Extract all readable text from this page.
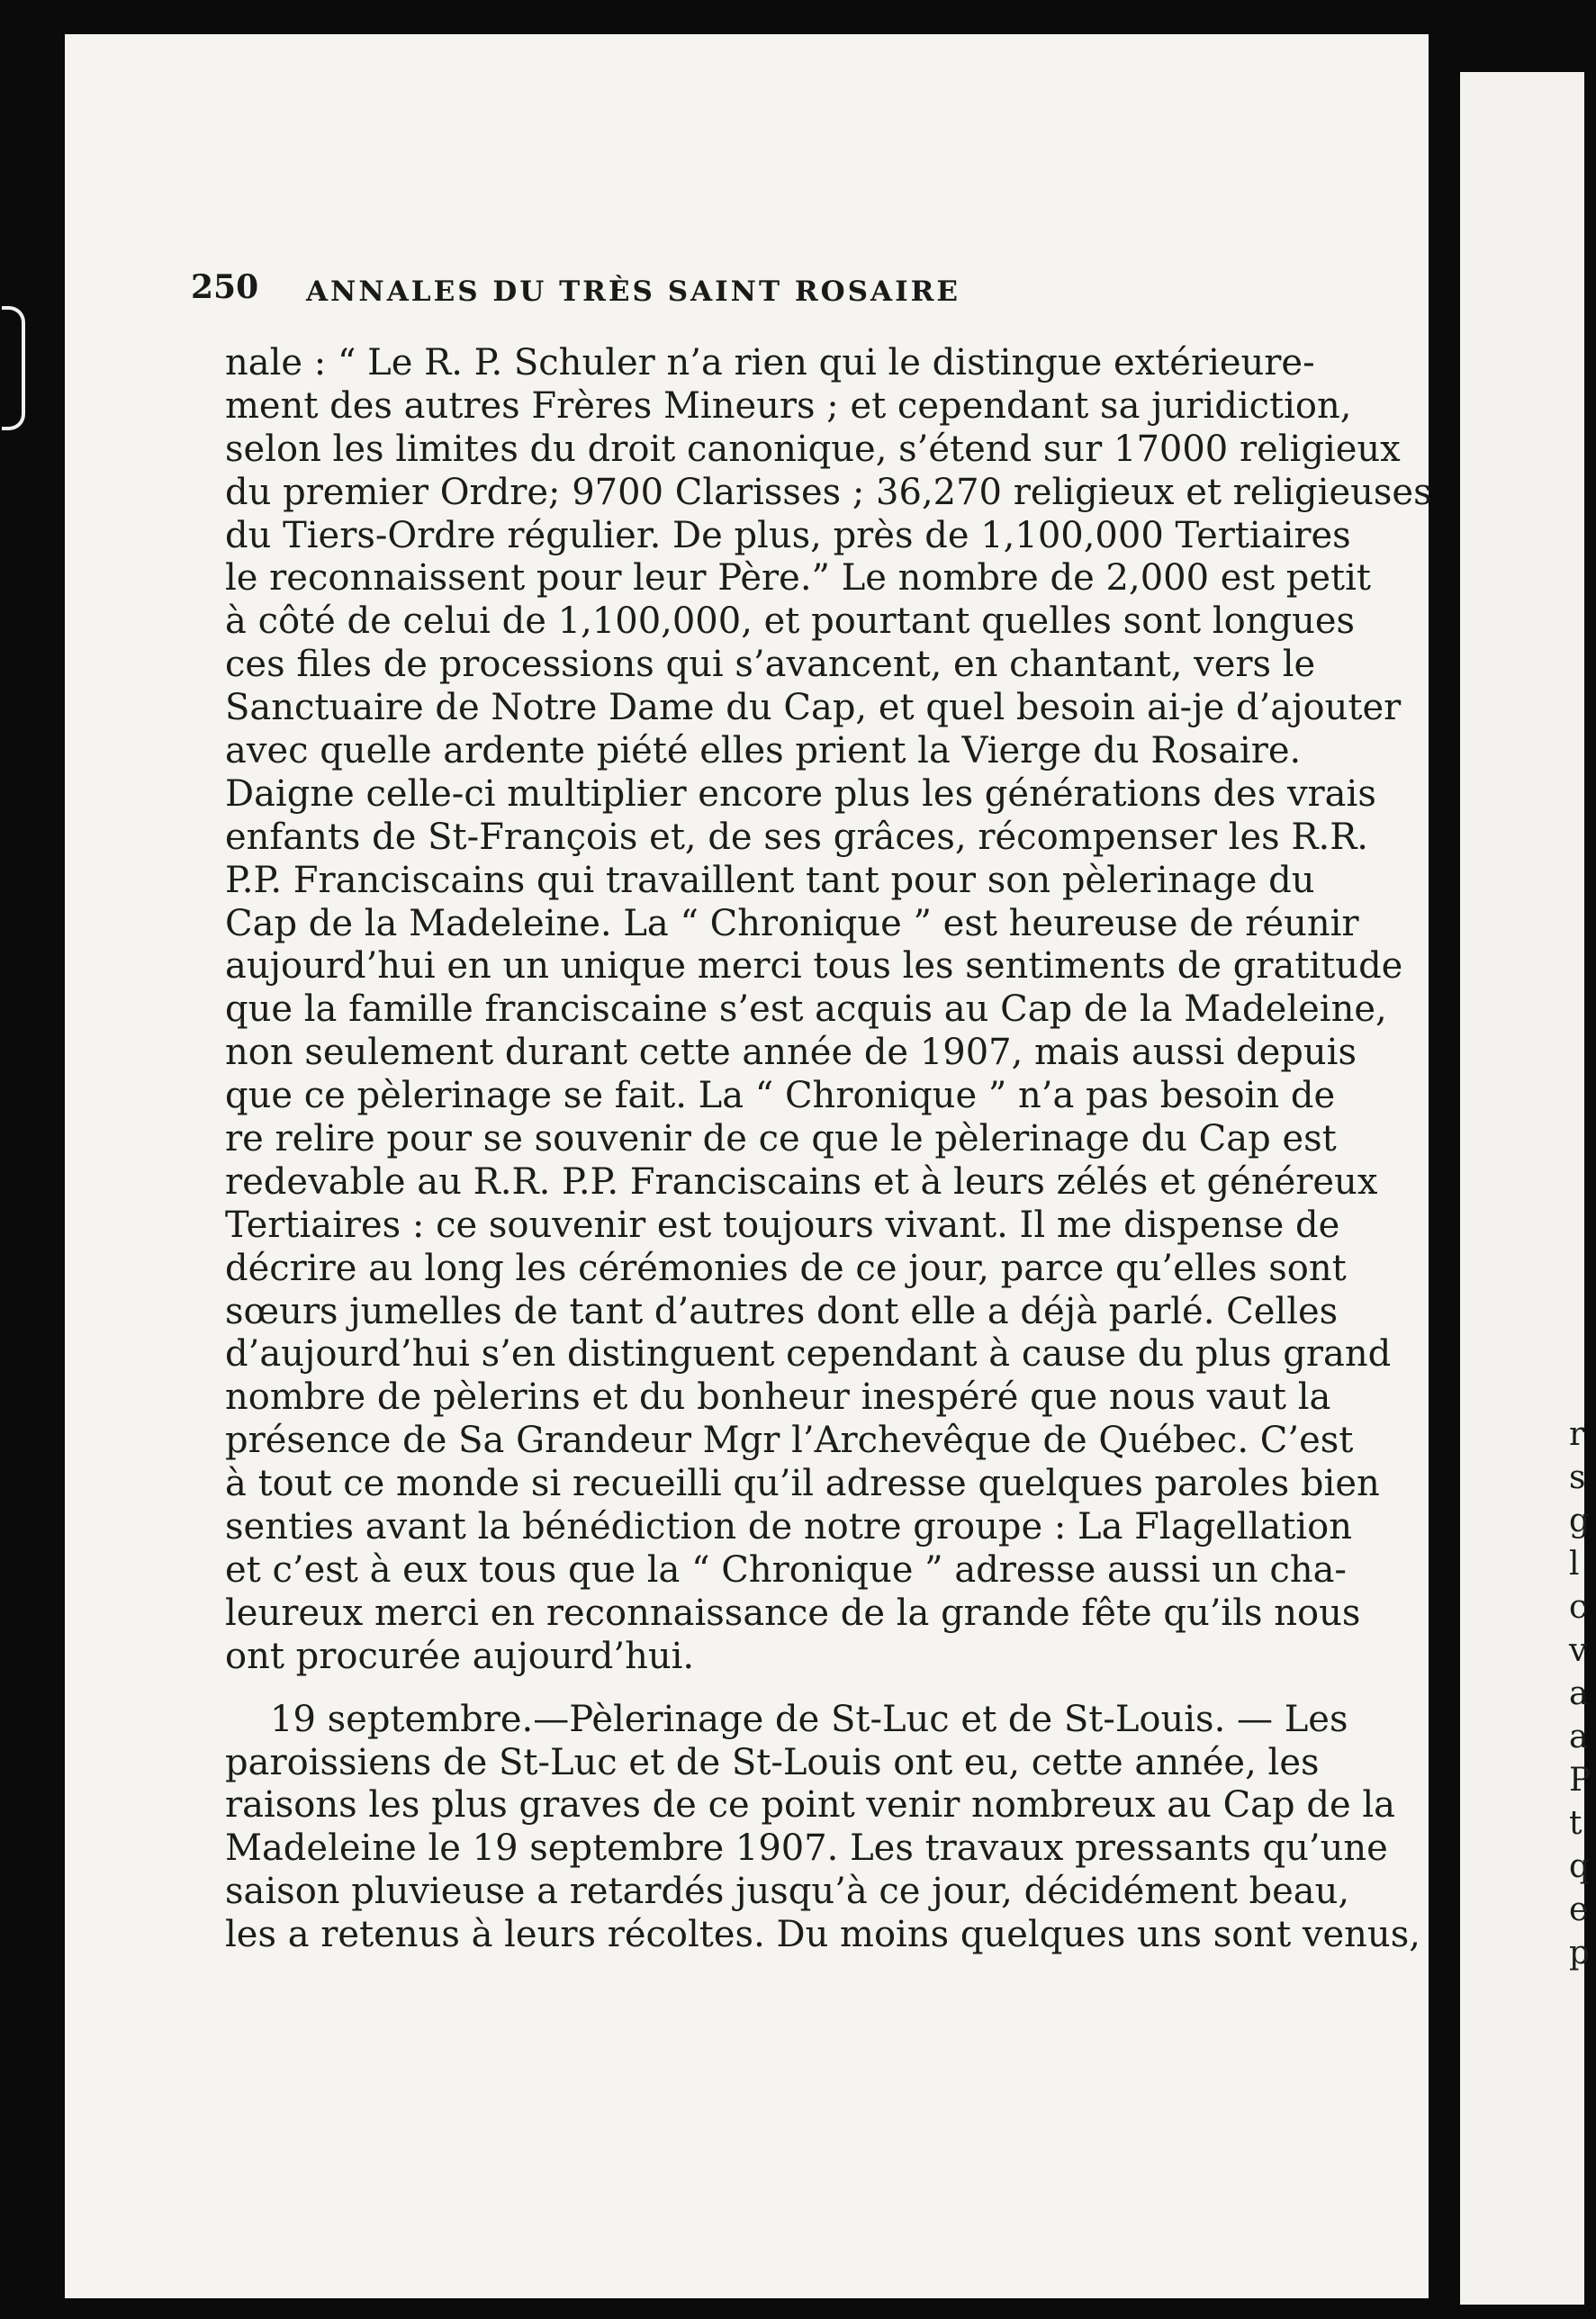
250 ANNALES DU TRÈS SAINT ROSAIRE
nale : “ Le R. P. Schuler n’a rien qui le distingue extérieure-
ment des autres Frères Mineurs ; et cependant sa juridiction,
selon les limites du droit canonique, s’étend sur 17000 religieux
du premier Ordre; 9700 Clarisses ; 36,270 religieux et religieuses
du Tiers-Ordre régulier. De plus, près de 1,100,000 Tertiaires
le reconnaissent pour leur Père.” Le nombre de 2,000 est petit
à côté de celui de 1,100,000, et pourtant quelles sont longues
ces files de processions qui s’avancent, en chantant, vers le
Sanctuaire de Notre Dame du Cap, et quel besoin ai-je d’ajouter
avec quelle ardente piété elles prient la Vierge du Rosaire.
Daigne celle-ci multiplier encore plus les générations des vrais
enfants de St-François et, de ses grâces, récompenser les R.R.
P.P. Franciscains qui travaillent tant pour son pèlerinage du
Cap de la Madeleine. La “ Chronique ” est heureuse de réunir
aujourd’hui en un unique merci tous les sentiments de gratitude
que la famille franciscaine s’est acquis au Cap de la Madeleine,
non seulement durant cette année de 1907, mais aussi depuis
que ce pèlerinage se fait. La “ Chronique ” n’a pas besoin de
re relire pour se souvenir de ce que le pèlerinage du Cap est
redevable au R.R. P.P. Franciscains et à leurs zélés et généreux
Tertiaires : ce souvenir est toujours vivant. Il me dispense de
décrire au long les cérémonies de ce jour, parce qu’elles sont
sœurs jumelles de tant d’autres dont elle a déjà parlé. Celles
d’aujourd’hui s’en distinguent cependant à cause du plus grand
nombre de pèlerins et du bonheur inespéré que nous vaut la
présence de Sa Grandeur Mgr l’Archevêque de Québec. C’est
à tout ce monde si recueilli qu’il adresse quelques paroles bien
senties avant la bénédiction de notre groupe : La Flagellation
et c’est à eux tous que la “ Chronique ” adresse aussi un cha-
leureux merci en reconnaissance de la grande fête qu’ils nous
ont procurée aujourd’hui.
19 septembre.—Pèlerinage de St-Luc et de St-Louis. — Les
paroissiens de St-Luc et de St-Louis ont eu, cette année, les
raisons les plus graves de ce point venir nombreux au Cap de la
Madeleine le 19 septembre 1907. Les travaux pressants qu’une
saison pluvieuse a retardés jusqu’à ce jour, décidément beau,
les a retenus à leurs récoltes. Du moins quelques uns sont venus,
r
s
g
l
c
v
a
a
P
t
q
e
p
